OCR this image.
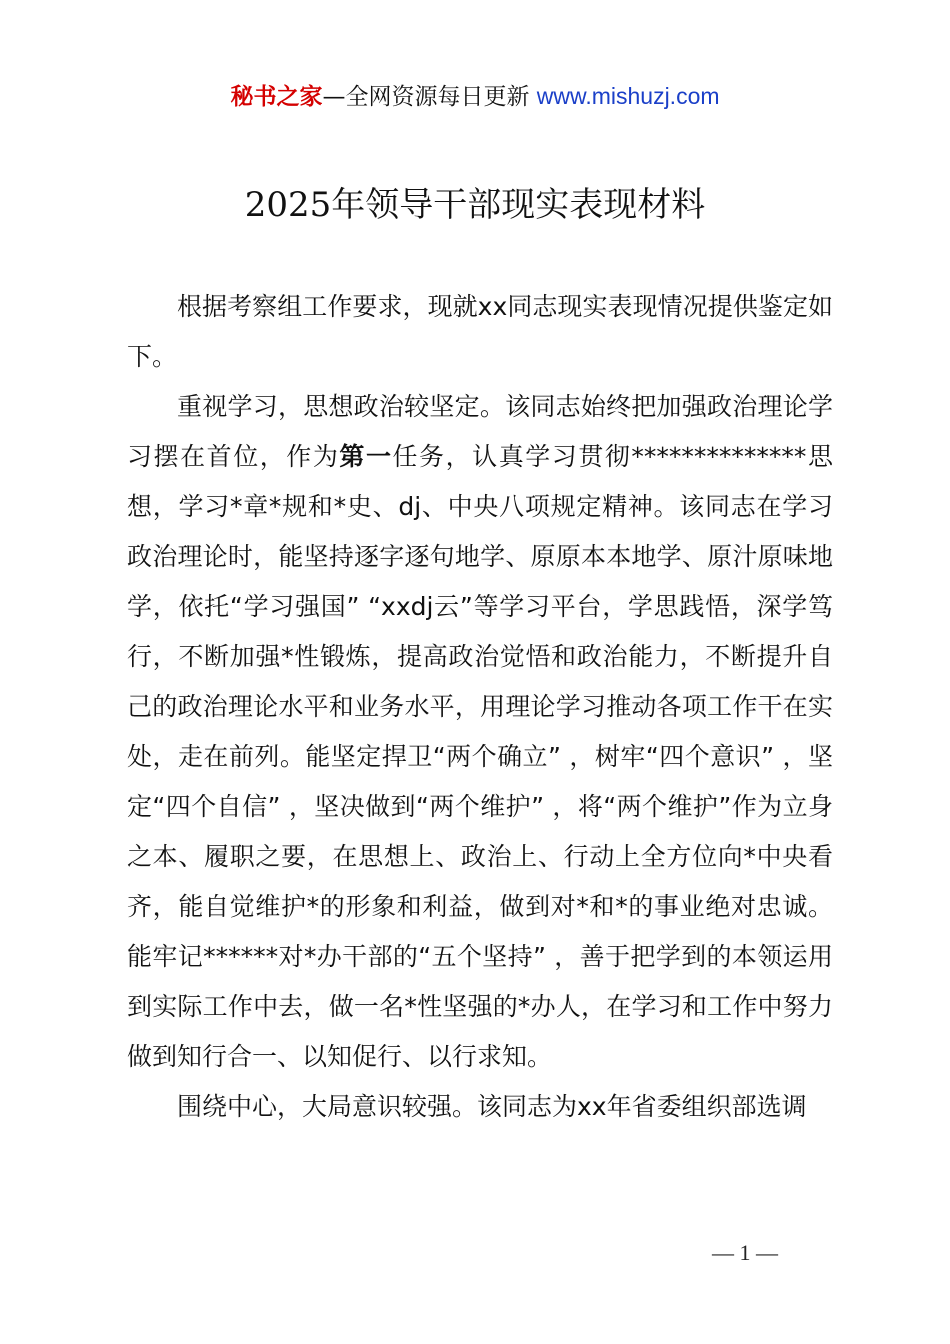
秘书之家—全网资源每日更新 www.mishuzj.com
2025年领导干部现实表现材料

根据考察组工作要求，现就xx同志现实表现情况提供鉴定如下。

重视学习，思想政治较坚定。该同志始终把加强政治理论学习摆在首位，作为第一任务，认真学习贯彻**************思想，学习*章*规和*史、dj、中央八项规定精神。该同志在学习政治理论时，能坚持逐字逐句地学、原原本本地学、原汁原味地学，依托“学习强国” “xxdj云”等学习平台，学思践悟，深学笃行，不断加强*性锻炼，提高政治觉悟和政治能力，不断提升自己的政治理论水平和业务水平，用理论学习推动各项工作干在实处，走在前列。能坚定捍卫“两个确立” ，树牢“四个意识” ，坚定“四个自信” ，坚决做到“两个维护” ，将“两个维护”作为立身之本、履职之要，在思想上、政治上、行动上全方位向*中央看齐，能自觉维护*的形象和利益，做到对*和*的事业绝对忠诚。能牢记******对*办干部的“五个坚持” ，善于把学到的本领运用到实际工作中去，做一名*性坚强的*办人，在学习和工作中努力做到知行合一、以知促行、以行求知。

围绕中心，大局意识较强。该同志为xx年省委组织部选调

— 1 —
